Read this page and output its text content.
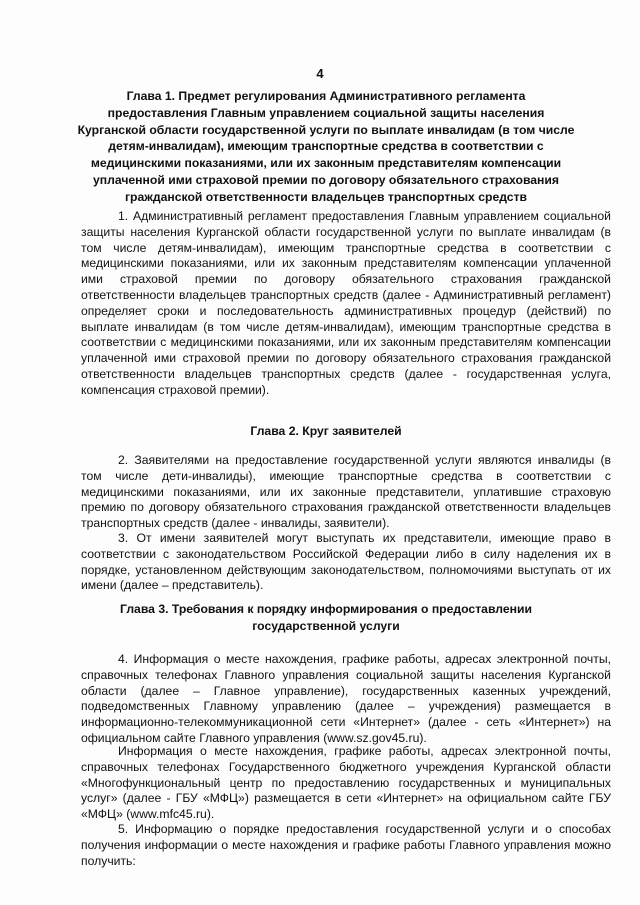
4
Глава 1. Предмет регулирования Административного регламента предоставления Главным управлением социальной защиты населения Курганской области государственной услуги по выплате инвалидам (в том числе детям-инвалидам), имеющим транспортные средства в соответствии с медицинскими показаниями, или их законным представителям компенсации уплаченной ими страховой премии по договору обязательного страхования гражданской ответственности владельцев транспортных средств
1. Административный регламент предоставления Главным управлением социальной защиты населения Курганской области государственной услуги по выплате инвалидам (в том числе детям-инвалидам), имеющим транспортные средства в соответствии с медицинскими показаниями, или их законным представителям компенсации уплаченной ими страховой премии по договору обязательного страхования гражданской ответственности владельцев транспортных средств (далее - Административный регламент) определяет сроки и последовательность административных процедур (действий) по выплате инвалидам (в том числе детям-инвалидам), имеющим транспортные средства в соответствии с медицинскими показаниями, или их законным представителям компенсации уплаченной ими страховой премии по договору обязательного страхования гражданской ответственности владельцев транспортных средств (далее - государственная услуга, компенсация страховой премии).
Глава 2. Круг заявителей
2. Заявителями на предоставление государственной услуги являются инвалиды (в том числе дети-инвалиды), имеющие транспортные средства в соответствии с медицинскими показаниями, или их законные представители, уплатившие страховую премию по договору обязательного страхования гражданской ответственности владельцев транспортных средств (далее - инвалиды, заявители).
3. От имени заявителей могут выступать их представители, имеющие право в соответствии с законодательством Российской Федерации либо в силу наделения их в порядке, установленном действующим законодательством, полномочиями выступать от их имени (далее – представитель).
Глава 3. Требования к порядку информирования о предоставлении государственной услуги
4. Информация о месте нахождения, графике работы, адресах электронной почты, справочных телефонах Главного управления социальной защиты населения Курганской области (далее – Главное управление), государственных казенных учреждений, подведомственных Главному управлению (далее – учреждения) размещается в информационно-телекоммуникационной сети «Интернет» (далее - сеть «Интернет») на официальном сайте Главного управления (www.sz.gov45.ru).
Информация о месте нахождения, графике работы, адресах электронной почты, справочных телефонах Государственного бюджетного учреждения Курганской области «Многофункциональный центр по предоставлению государственных и муниципальных услуг» (далее - ГБУ «МФЦ») размещается в сети «Интернет» на официальном сайте ГБУ «МФЦ» (www.mfc45.ru).
5. Информацию о порядке предоставления государственной услуги и о способах получения информации о месте нахождения и графике работы Главного управления можно получить:
